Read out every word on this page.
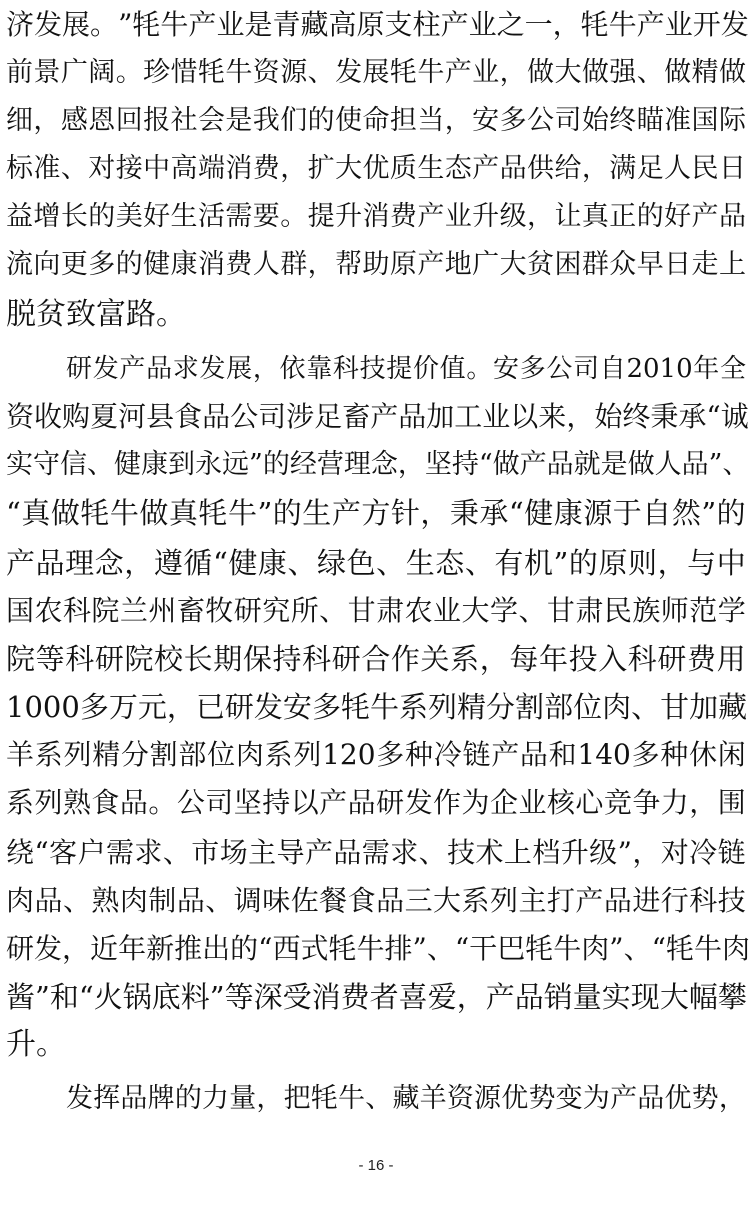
济 发 展 。 ” 牦 牛 产 业 是 青 藏 高 原 支 柱 产 业 之 一 ， 牦 牛 产 业 开 发
前 景 广 阔 。 珍 惜 牦 牛 资 源 、 发 展 牦 牛 产 业 ， 做 大 做 强 、 做 精 做
细 ， 感 恩 回 报 社 会 是 我 们 的 使 命 担 当 ， 安 多 公 司 始 终 瞄 准 国 际
标 准 、 对 接 中 高 端 消 费 ， 扩 大 优 质 生 态 产 品 供 给 ， 满 足 人 民 日
益 增 长 的 美 好 生 活 需 要 。 提 升 消 费 产 业 升 级 ， 让 真 正 的 好 产 品
流 向 更 多 的 健 康 消 费 人 群 ， 帮 助 原 产 地 广 大 贫 困 群 众 早 日 走 上
脱贫致富路。
研 发 产 品 求 发 展 ， 依 靠 科 技 提 价 值 。 安 多 公 司 自 2010 年 全
资 收 购 夏 河 县 食 品 公 司 涉 足 畜 产 品 加 工 业 以 来 ， 始 终 秉 承 “ 诚
实 守 信 、 健 康 到 永 远 ” 的 经 营 理 念 ， 坚 持 “ 做 产 品 就 是 做 人 品 ” 、
“ 真 做 牦 牛 做 真 牦 牛 ” 的 生 产 方 针 ， 秉 承 “ 健 康 源 于 自 然 ” 的
产 品 理 念 ， 遵 循 “ 健 康 、 绿 色 、 生 态 、 有 机 ” 的 原 则 ， 与 中
国 农 科 院 兰 州 畜 牧 研 究 所 、 甘 肃 农 业 大 学 、 甘 肃 民 族 师 范 学
院 等 科 研 院 校 长 期 保 持 科 研 合 作 关 系 ， 每 年 投 入 科 研 费 用
1000 多 万 元 ， 已 研 发 安 多 牦 牛 系 列 精 分 割 部 位 肉 、 甘 加 藏
羊 系 列 精 分 割 部 位 肉 系 列 120 多 种 冷 链 产 品 和 140 多 种 休 闲
系 列 熟 食 品 。 公 司 坚 持 以 产 品 研 发 作 为 企 业 核 心 竞 争 力 ， 围
绕 “ 客 户 需 求 、 市 场 主 导 产 品 需 求 、 技 术 上 档 升 级 ” ， 对 冷 链
肉 品 、 熟 肉 制 品 、 调 味 佐 餐 食 品 三 大 系 列 主 打 产 品 进 行 科 技
研 发 ， 近 年 新 推 出 的 “ 西 式 牦 牛 排 ” 、 “ 干 巴 牦 牛 肉 ” 、 “ 牦 牛 肉
酱 ” 和 “ 火 锅 底 料 ” 等 深 受 消 费 者 喜 爱 ， 产 品 销 量 实 现 大 幅 攀
升。
发 挥 品 牌 的 力 量 ， 把 牦 牛 、 藏 羊 资 源 优 势 变 为 产 品 优 势 ，
- 16 -
